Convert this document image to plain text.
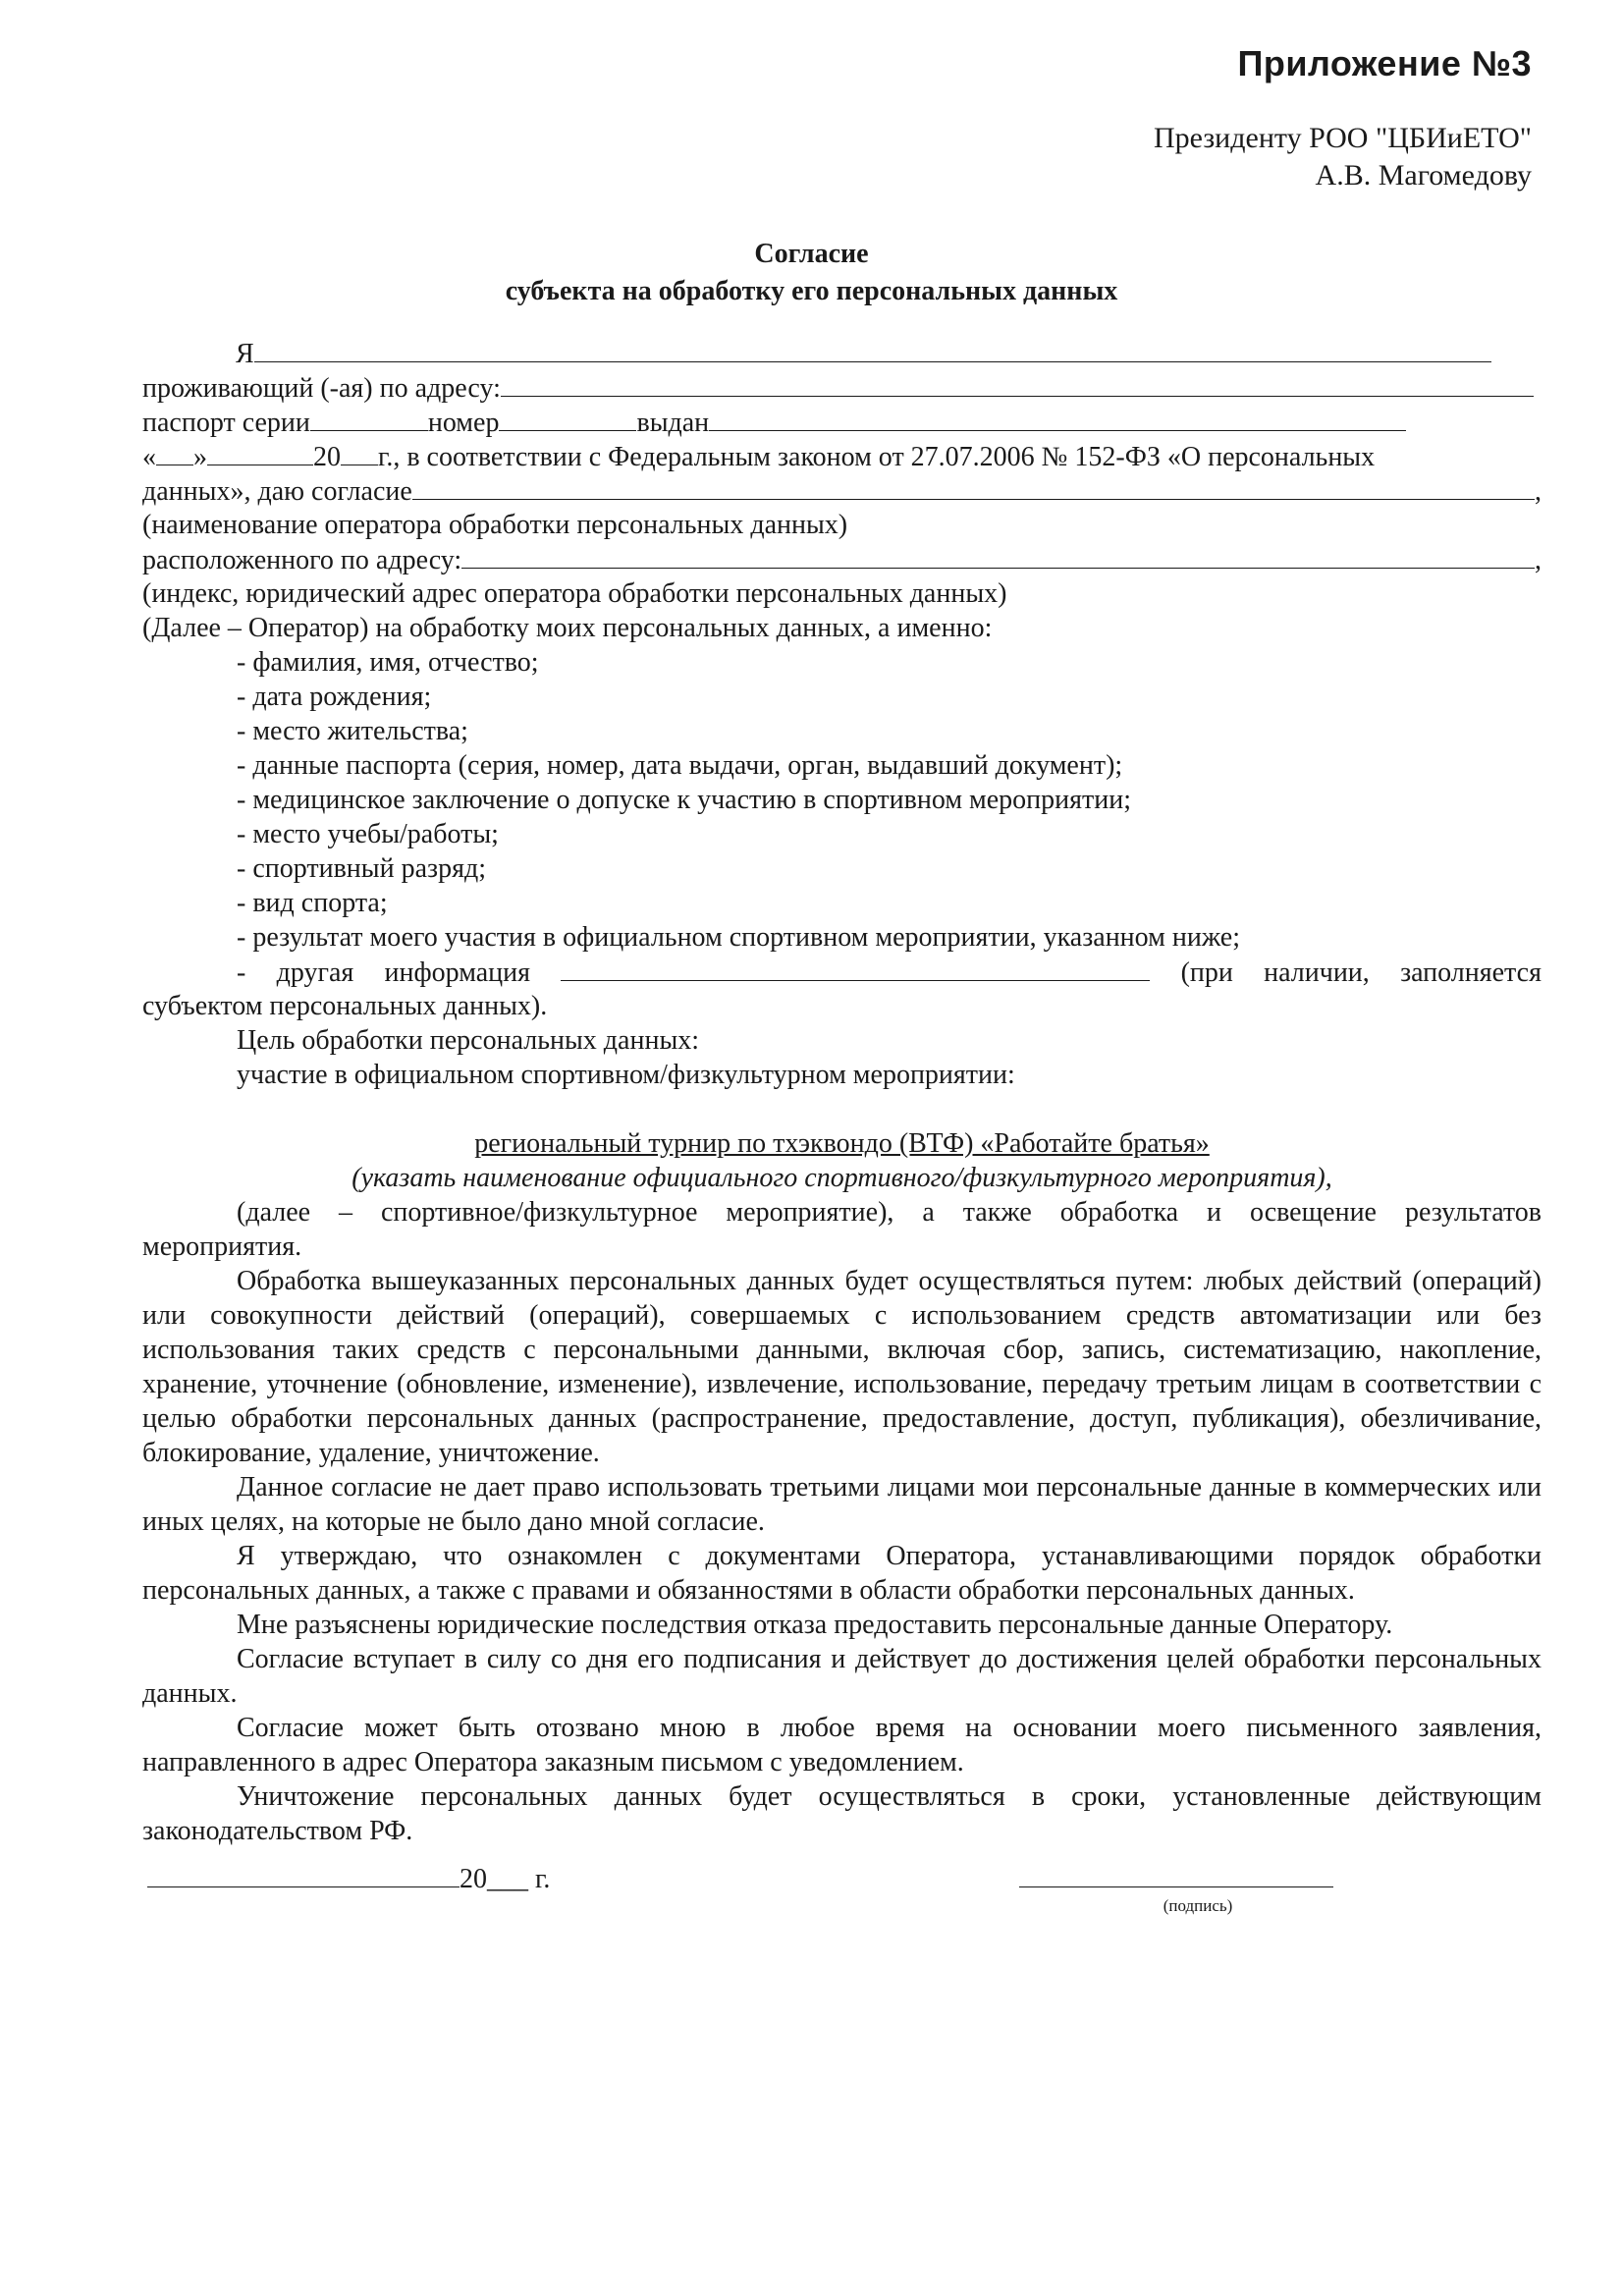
Приложение №3
Президенту РОО "ЦБИиЕТО"
А.В. Магомедову
Согласие
субъекта на обработку его персональных данных
Я
проживающий (-ая) по адресу:
паспорт серии	номер	выдан
« »	20 г., в соответствии с Федеральным законом от 27.07.2006 № 152-ФЗ «О персональных
данных», даю согласие	,
(наименование оператора обработки персональных данных)
расположенного по адресу:	,
(индекс, юридический адрес оператора обработки персональных данных)
(Далее – Оператор) на обработку моих персональных данных, а именно:
- фамилия, имя, отчество;
- дата рождения;
- место жительства;
- данные паспорта (серия, номер, дата выдачи, орган, выдавший документ);
- медицинское заключение о допуске к участию в спортивном мероприятии;
- место учебы/работы;
- спортивный разряд;
- вид спорта;
- результат моего участия в официальном спортивном мероприятии, указанном ниже;
- другая информация	(при наличии, заполняется
субъектом персональных данных).
Цель обработки персональных данных:
участие в официальном спортивном/физкультурном мероприятии:
региональный турнир по тхэквондо (ВТФ) «Работайте братья»
(указать наименование официального спортивного/физкультурного мероприятия),
(далее – спортивное/физкультурное мероприятие), а также обработка и освещение результатов
мероприятия.

Обработка вышеуказанных персональных данных будет осуществляться путем: любых действий (операций) или совокупности действий (операций), совершаемых с использованием средств автоматизации или без использования таких средств с персональными данными, включая сбор, запись, систематизацию, накопление, хранение, уточнение (обновление, изменение), извлечение, использование, передачу третьим лицам в соответствии с целью обработки персональных данных (распространение, предоставление, доступ, публикация), обезличивание, блокирование, удаление, уничтожение.

Данное согласие не дает право использовать третьими лицами мои персональные данные в коммерческих или иных целях, на которые не было дано мной согласие.

Я утверждаю, что ознакомлен с документами Оператора, устанавливающими порядок обработки персональных данных, а также с правами и обязанностями в области обработки персональных данных.

Мне разъяснены юридические последствия отказа предоставить персональные данные Оператору.

Согласие вступает в силу со дня его подписания и действует до достижения целей обработки персональных данных.

Согласие может быть отозвано мною в любое время на основании моего письменного заявления, направленного в адрес Оператора заказным письмом с уведомлением.

Уничтожение персональных данных будет осуществляться в сроки, установленные действующим законодательством РФ.

20___ г.
(подпись)
